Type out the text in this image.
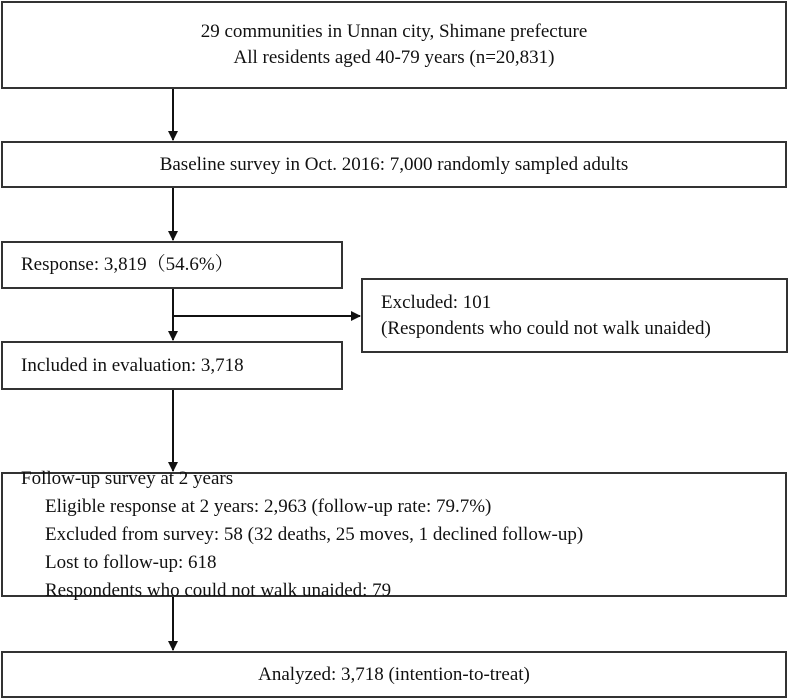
29 communities in Unnan city, Shimane prefecture
All residents aged 40-79 years (n=20,831)
Baseline survey in Oct. 2016: 7,000 randomly sampled adults
Response: 3,819（54.6%）
Excluded: 101
(Respondents who could not walk unaided)
Included in evaluation: 3,718
Follow-up survey at 2 years
Eligible response at 2 years: 2,963 (follow-up rate: 79.7%)
Excluded from survey: 58 (32 deaths, 25 moves, 1 declined follow-up)
Lost to follow-up: 618
Respondents who could not walk unaided: 79
Analyzed: 3,718 (intention-to-treat)
